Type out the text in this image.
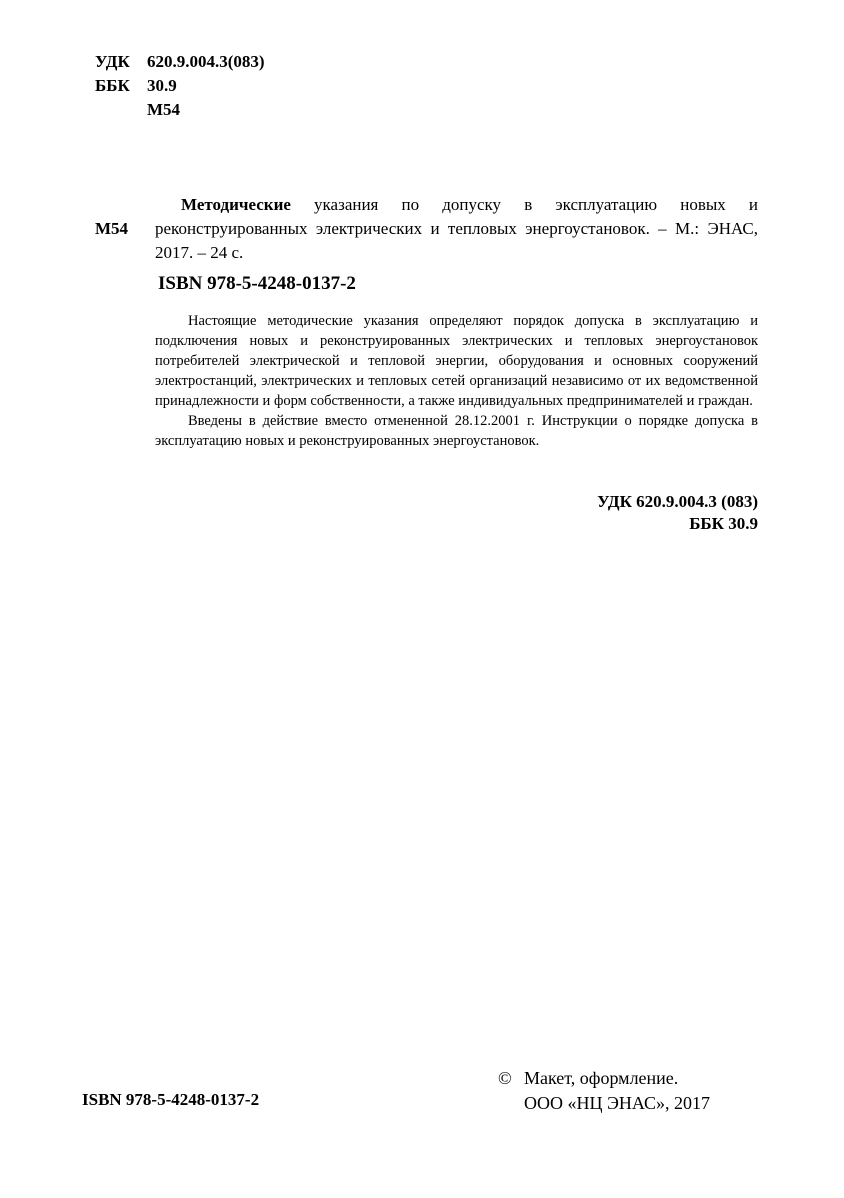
УДК 620.9.004.3(083)
ББК 30.9
М54
М54
Методические указания по допуску в эксплуатацию новых и реконструированных электрических и тепловых энергоустановок. – М.: ЭНАС, 2017. – 24 с.
ISBN 978-5-4248-0137-2

Настоящие методические указания определяют порядок допуска в эксплуатацию и подключения новых и реконструированных электрических и тепловых энергоустановок потребителей электрической и тепловой энергии, оборудования и основных сооружений электростанций, электрических и тепловых сетей организаций независимо от их ведомственной принадлежности и форм собственности, а также индивидуальных предпринимателей и граждан.

Введены в действие вместо отмененной 28.12.2001 г. Инструкции о порядке допуска в эксплуатацию новых и реконструированных энергоустановок.

УДК 620.9.004.3 (083)
ББК 30.9
ISBN 978-5-4248-0137-2
© Макет, оформление.
ООО «НЦ ЭНАС», 2017
